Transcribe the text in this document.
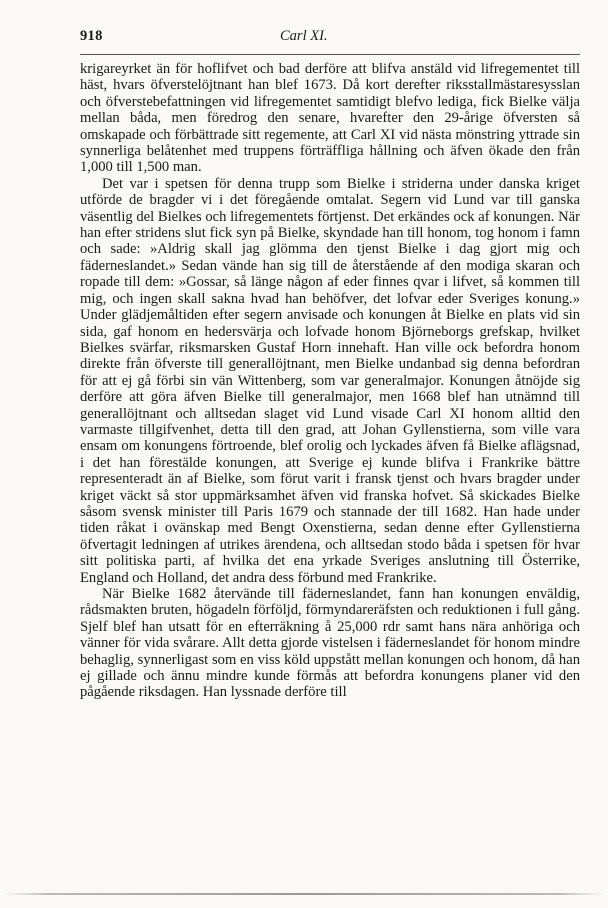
918	Carl XI.

krigareyrket än för hoflifvet och bad derföre att blifva anstäld vid lifregementet till häst, hvars öfverstelöjtnant han blef 1673. Då kort derefter riksstallmästaresysslan och öfverstebefattningen vid lifregementet samtidigt blefvo lediga, fick Bielke välja mellan båda, men föredrog den senare, hvarefter den 29-årige öfversten så omskapade och förbättrade sitt regemente, att Carl XI vid nästa mönstring yttrade sin synnerliga belåtenhet med truppens förträffliga hållning och äfven ökade den från 1,000 till 1,500 man.

Det var i spetsen för denna trupp som Bielke i striderna under danska kriget utförde de bragder vi i det föregående omtalat. Segern vid Lund var till ganska väsentlig del Bielkes och lifregementets förtjenst. Det erkändes ock af konungen. När han efter stridens slut fick syn på Bielke, skyndade han till honom, tog honom i famn och sade: »Aldrig skall jag glömma den tjenst Bielke i dag gjort mig och fäderneslandet.» Sedan vände han sig till de återstående af den modiga skaran och ropade till dem: »Gossar, så länge någon af eder finnes qvar i lifvet, så kommen till mig, och ingen skall sakna hvad han behöfver, det lofvar eder Sveriges konung.» Under glädjemåltiden efter segern anvisade och konungen åt Bielke en plats vid sin sida, gaf honom en hedersvärja och lofvade honom Björneborgs grefskap, hvilket Bielkes svärfar, riksmarsken Gustaf Horn innehaft. Han ville ock befordra honom direkte från öfverste till generallöjtnant, men Bielke undanbad sig denna befordran för att ej gå förbi sin vän Wittenberg, som var generalmajor. Konungen åtnöjde sig derföre att göra äfven Bielke till generalmajor, men 1668 blef han utnämnd till generallöjtnant och alltsedan slaget vid Lund visade Carl XI honom alltid den varmaste tillgifvenhet, detta till den grad, att Johan Gyllenstierna, som ville vara ensam om konungens förtroende, blef orolig och lyckades äfven få Bielke aflägsnad, i det han förestälde konungen, att Sverige ej kunde blifva i Frankrike bättre representeradt än af Bielke, som förut varit i fransk tjenst och hvars bragder under kriget väckt så stor uppmärksamhet äfven vid franska hofvet. Så skickades Bielke såsom svensk minister till Paris 1679 och stannade der till 1682. Han hade under tiden råkat i ovänskap med Bengt Oxenstierna, sedan denne efter Gyllenstierna öfvertagit ledningen af utrikes ärendena, och alltsedan stodo båda i spetsen för hvar sitt politiska parti, af hvilka det ena yrkade Sveriges anslutning till Österrike, England och Holland, det andra dess förbund med Frankrike.

När Bielke 1682 återvände till fäderneslandet, fann han konungen enväldig, rådsmakten bruten, högadeln förföljd, förmyndareräfsten och reduktionen i full gång. Sjelf blef han utsatt för en efterräkning å 25,000 rdr samt hans nära anhöriga och vänner för vida svårare. Allt detta gjorde vistelsen i fäderneslandet för honom mindre behaglig, synnerligast som en viss köld uppstått mellan konungen och honom, då han ej gillade och ännu mindre kunde förmås att befordra konungens planer vid den pågående riksdagen. Han lyssnade derföre till
